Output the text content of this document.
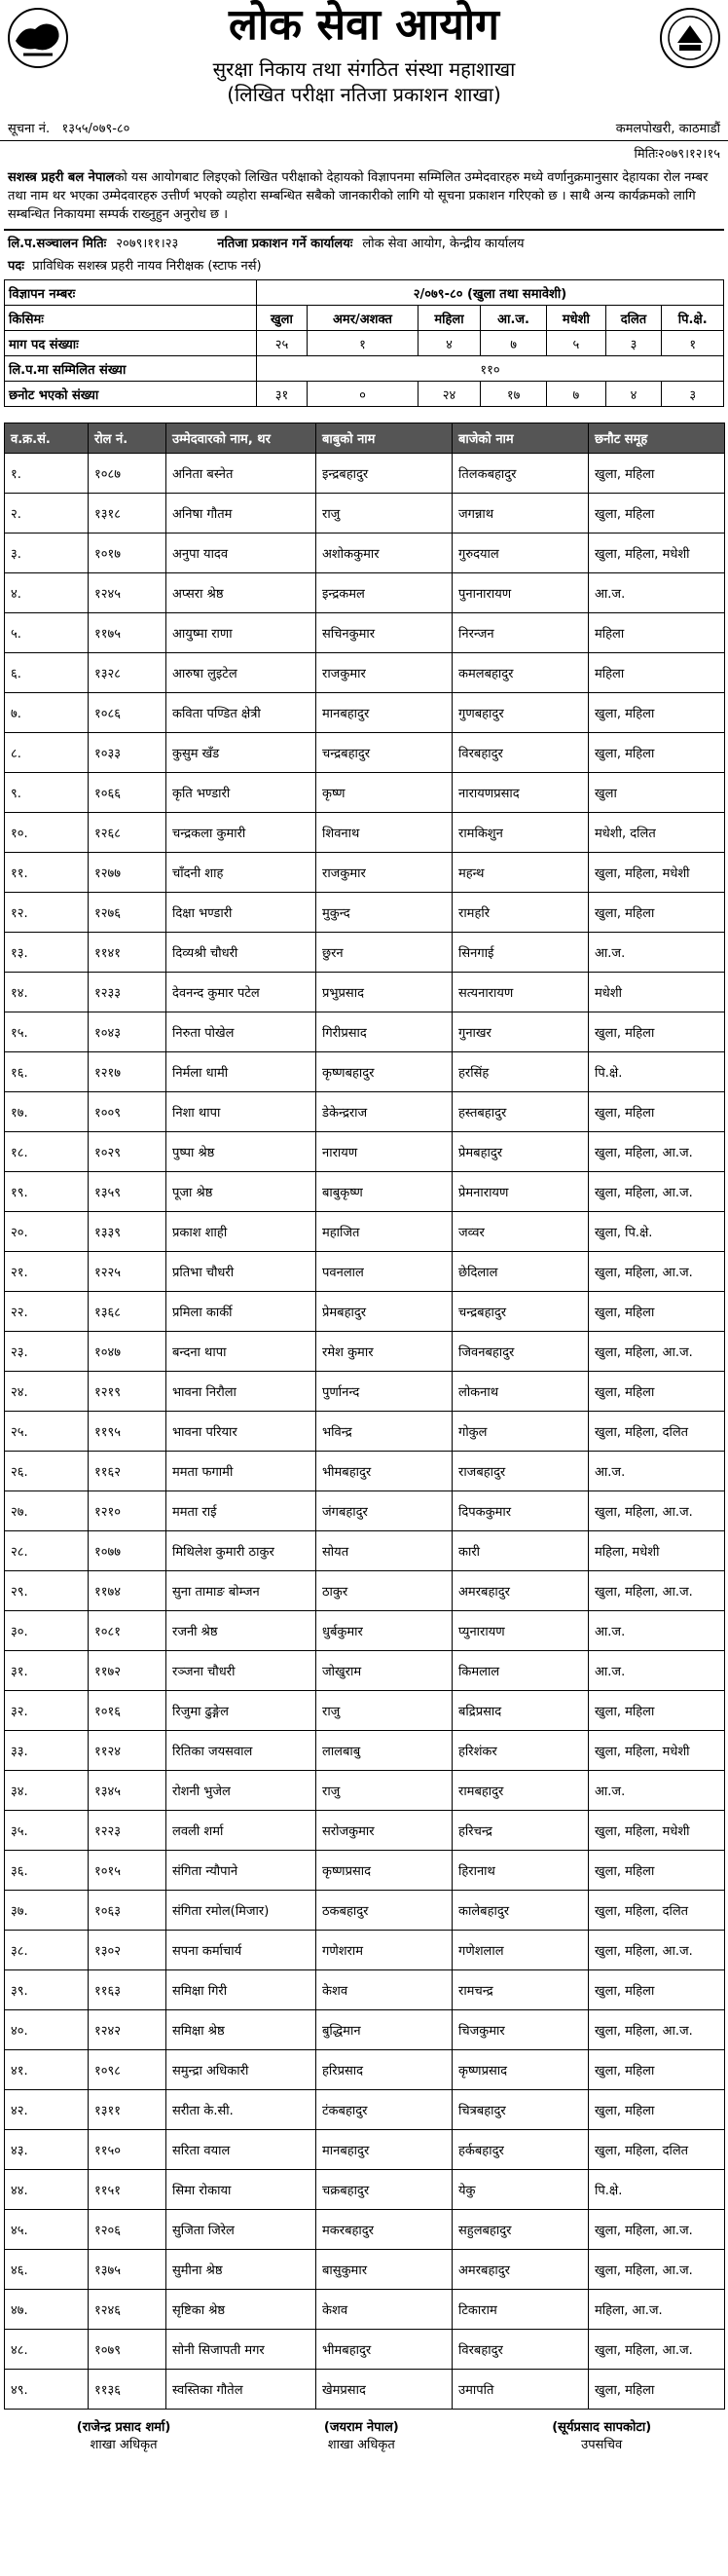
लोक सेवा आयोग
सुरक्षा निकाय तथा संगठित संस्था महाशाखा
(लिखित परीक्षा नतिजा प्रकाशन शाखा)
सूचना नं. १३५५/०७९-८०	कमलपोखरी, काठमाडौं
मितिः२०७९।१२।१५
सशस्त्र प्रहरी बल नेपालको यस आयोगबाट लिइएको लिखित परीक्षाको देहायको विज्ञापनमा सम्मिलित उम्मेदवारहरु मध्ये वर्णानुक्रमानुसार देहायका रोल नम्बर तथा नाम थर भएका उम्मेदवारहरु उत्तीर्ण भएको व्यहोरा सम्बन्धित सबैको जानकारीको लागि यो सूचना प्रकाशन गरिएको छ । साथै अन्य कार्यक्रमको लागि सम्बन्धित निकायमा सम्पर्क राख्नुहुन अनुरोध छ ।
लि.प.सञ्चालन मितिः २०७९।११।२३	नतिजा प्रकाशन गर्ने कार्यालयः लोक सेवा आयोग, केन्द्रीय कार्यालय
पदः
प्राविधिक सशस्त्र प्रहरी नायव निरीक्षक (स्टाफ नर्स)
विज्ञापन नम्बरः	२/०७९-८० (खुला तथा समावेशी)						
किसिमः	खुला	अमर/अशक्त	महिला	आ.ज.	मधेशी	दलित	पि.क्षे.
माग पद संख्याः	२५	१	४	७	५	३	१
लि.प.मा सम्मिलित संख्या	११०						
छनोट भएको संख्या	३१	०	२४	१७	७	४	३
व.क्र.सं.	रोल नं.	उम्मेदवारको नाम, थर	बाबुको नाम	बाजेको नाम	छनौट समूह
१.	१०८७	अनिता बस्नेत	इन्द्रबहादुर	तिलकबहादुर	खुला, महिला
२.	१३१८	अनिषा गौतम	राजु	जगन्नाथ	खुला, महिला
३.	१०१७	अनुपा यादव	अशोककुमार	गुरुदयाल	खुला, महिला, मधेशी
४.	१२४५	अप्सरा श्रेष्ठ	इन्द्रकमल	पुनानारायण	आ.ज.
५.	११७५	आयुष्मा राणा	सचिनकुमार	निरन्जन	महिला
६.	१३२८	आरुषा लुइटेल	राजकुमार	कमलबहादुर	महिला
७.	१०८६	कविता पण्डित क्षेत्री	मानबहादुर	गुणबहादुर	खुला, महिला
८.	१०३३	कुसुम खँड	चन्द्रबहादुर	विरबहादुर	खुला, महिला
९.	१०६६	कृति भण्डारी	कृष्ण	नारायणप्रसाद	खुला
१०.	१२६८	चन्द्रकला कुमारी	शिवनाथ	रामकिशुन	मधेशी, दलित
११.	१२७७	चाँदनी शाह	राजकुमार	महन्थ	खुला, महिला, मधेशी
१२.	१२७६	दिक्षा भण्डारी	मुकुन्द	रामहरि	खुला, महिला
१३.	११४१	दिव्यश्री चौधरी	छुरन	सिनगाई	आ.ज.
१४.	१२३३	देवनन्द कुमार पटेल	प्रभुप्रसाद	सत्यनारायण	मधेशी
१५.	१०४३	निरुता पोखेल	गिरीप्रसाद	गुनाखर	खुला, महिला
१६.	१२१७	निर्मला धामी	कृष्णबहादुर	हरसिंह	पि.क्षे.
१७.	१००९	निशा थापा	डेकेन्द्रराज	हस्तबहादुर	खुला, महिला
१८.	१०२९	पुष्पा श्रेष्ठ	नारायण	प्रेमबहादुर	खुला, महिला, आ.ज.
१९.	१३५९	पूजा श्रेष्ठ	बाबुकृष्ण	प्रेमनारायण	खुला, महिला, आ.ज.
२०.	१३३९	प्रकाश शाही	महाजित	जव्वर	खुला, पि.क्षे.
२१.	१२२५	प्रतिभा चौधरी	पवनलाल	छेदिलाल	खुला, महिला, आ.ज.
२२.	१३६८	प्रमिला कार्की	प्रेमबहादुर	चन्द्रबहादुर	खुला, महिला
२३.	१०४७	बन्दना थापा	रमेश कुमार	जिवनबहादुर	खुला, महिला, आ.ज.
२४.	१२१९	भावना निरौला	पुर्णानन्द	लोकनाथ	खुला, महिला
२५.	११९५	भावना परियार	भविन्द्र	गोकुल	खुला, महिला, दलित
२६.	११६२	ममता फगामी	भीमबहादुर	राजबहादुर	आ.ज.
२७.	१२१०	ममता राई	जंगबहादुर	दिपककुमार	खुला, महिला, आ.ज.
२८.	१०७७	मिथिलेश कुमारी ठाकुर	सोयत	कारी	महिला, मधेशी
२९.	११७४	सुना तामाङ बोम्जन	ठाकुर	अमरबहादुर	खुला, महिला, आ.ज.
३०.	१०८१	रजनी श्रेष्ठ	धुर्बकुमार	प्युनारायण	आ.ज.
३१.	११७२	रञ्जना चौधरी	जोखुराम	किमलाल	आ.ज.
३२.	१०१६	रिजुमा ढुङ्गेल	राजु	बद्रिप्रसाद	खुला, महिला
३३.	११२४	रितिका जयसवाल	लालबाबु	हरिशंकर	खुला, महिला, मधेशी
३४.	१३४५	रोशनी भुजेल	राजु	रामबहादुर	आ.ज.
३५.	१२२३	लवली शर्मा	सरोजकुमार	हरिचन्द्र	खुला, महिला, मधेशी
३६.	१०१५	संगिता न्यौपाने	कृष्णप्रसाद	हिरानाथ	खुला, महिला
३७.	१०६३	संगिता रमोल(मिजार)	ठकबहादुर	कालेबहादुर	खुला, महिला, दलित
३८.	१३०२	सपना कर्माचार्य	गणेशराम	गणेशलाल	खुला, महिला, आ.ज.
३९.	११६३	समिक्षा गिरी	केशव	रामचन्द्र	खुला, महिला
४०.	१२४२	समिक्षा श्रेष्ठ	बुद्धिमान	चिजकुमार	खुला, महिला, आ.ज.
४१.	१०९८	समुन्द्रा अधिकारी	हरिप्रसाद	कृष्णप्रसाद	खुला, महिला
४२.	१३११	सरीता के.सी.	टंकबहादुर	चित्रबहादुर	खुला, महिला
४३.	११५०	सरिता वयाल	मानबहादुर	हर्कबहादुर	खुला, महिला, दलित
४४.	११५१	सिमा रोकाया	चक्रबहादुर	येकु	पि.क्षे.
४५.	१२०६	सुजिता जिरेल	मकरबहादुर	सहुलबहादुर	खुला, महिला, आ.ज.
४६.	१३७५	सुमीना श्रेष्ठ	बासुकुमार	अमरबहादुर	खुला, महिला, आ.ज.
४७.	१२४६	सृष्टिका श्रेष्ठ	केशव	टिकाराम	महिला, आ.ज.
४८.	१०७९	सोनी सिजापती मगर	भीमबहादुर	विरबहादुर	खुला, महिला, आ.ज.
४९.	११३६	स्वस्तिका गौतेल	खेमप्रसाद	उमापति	खुला, महिला
(राजेन्द्र प्रसाद शर्मा)
शाखा अधिकृत
(जयराम नेपाल)
शाखा अधिकृत
(सूर्यप्रसाद सापकोटा)
उपसचिव
